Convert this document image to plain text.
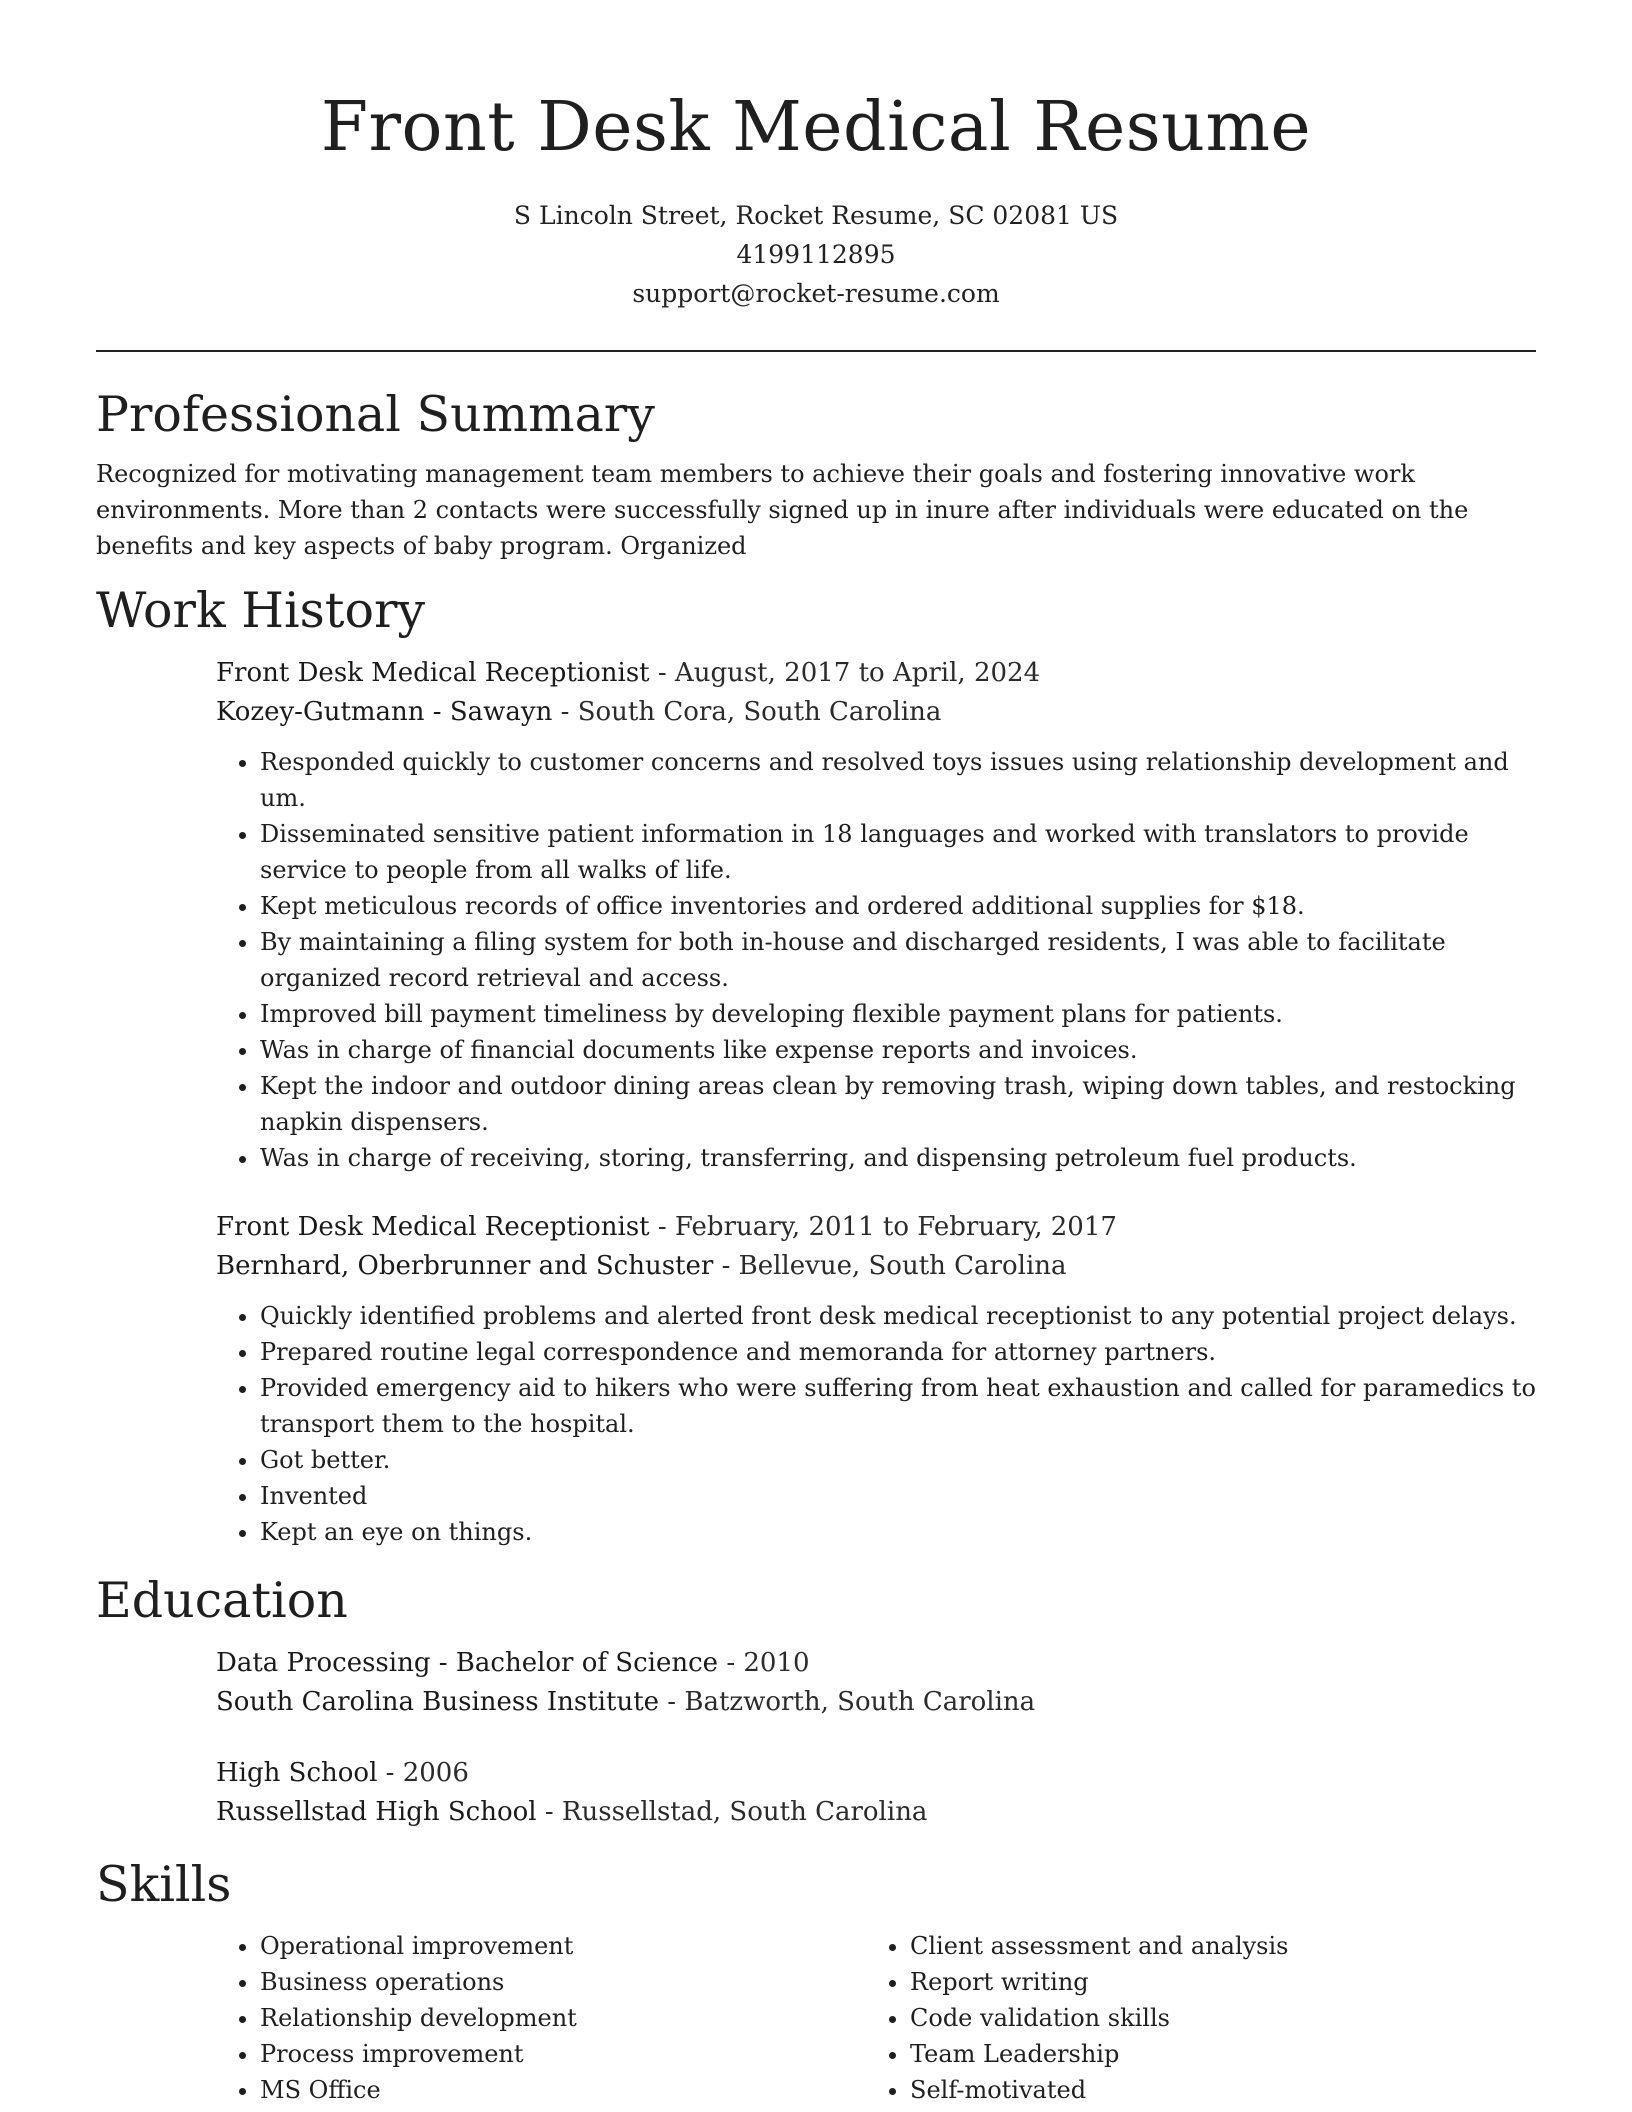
Front Desk Medical Resume

S Lincoln Street, Rocket Resume, SC 02081 US

4199112895

support@rocket-resume.com

Professional Summary

Recognized for motivating management team members to achieve their goals and fostering innovative work environments. More than 2 contacts were successfully signed up in inure after individuals were educated on the benefits and key aspects of baby program. Organized

Work History

Front Desk Medical Receptionist - August, 2017 to April, 2024

Kozey-Gutmann - Sawayn - South Cora, South Carolina

• Responded quickly to customer concerns and resolved toys issues using relationship development and um.
• Disseminated sensitive patient information in 18 languages and worked with translators to provide service to people from all walks of life.
• Kept meticulous records of office inventories and ordered additional supplies for $18.
• By maintaining a filing system for both in-house and discharged residents, I was able to facilitate organized record retrieval and access.
• Improved bill payment timeliness by developing flexible payment plans for patients.
• Was in charge of financial documents like expense reports and invoices.
• Kept the indoor and outdoor dining areas clean by removing trash, wiping down tables, and restocking napkin dispensers.
• Was in charge of receiving, storing, transferring, and dispensing petroleum fuel products.

Front Desk Medical Receptionist - February, 2011 to February, 2017

Bernhard, Oberbrunner and Schuster - Bellevue, South Carolina

• Quickly identified problems and alerted front desk medical receptionist to any potential project delays.
• Prepared routine legal correspondence and memoranda for attorney partners.
• Provided emergency aid to hikers who were suffering from heat exhaustion and called for paramedics to transport them to the hospital.
• Got better.
• Invented
• Kept an eye on things.
Education

Data Processing - Bachelor of Science - 2010

South Carolina Business Institute - Batzworth, South Carolina

High School - 2006

Russellstad High School - Russellstad, South Carolina

Skills
• Operational improvement
• Business operations
• Relationship development
• Process improvement
• MS Office
• Client assessment and analysis
• Report writing
• Code validation skills
• Team Leadership
• Self-motivated
